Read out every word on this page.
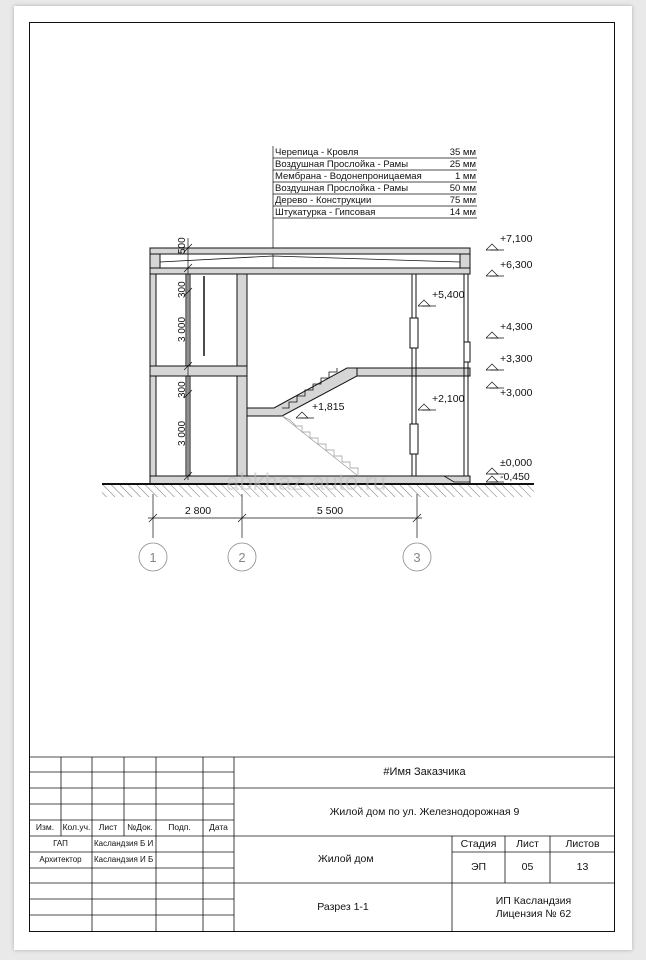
Черепица - Кровля	35 мм
Воздушная Прослойка - Рамы	25 мм
Мембрана - Водонепроницаемая	1 мм
Воздушная Прослойка - Рамы	50 мм
Дерево - Конструкции	75 мм
Штукатурка - Гипсовая	14 мм
500
300
3 000
300
3 000
+7,100
+6,300
+5,400
+4,300
+3,300
+3,000
+2,100
+1,815
±0,000
-0,450
2 800	5 500
1	2	3
abkhaz-auto.ru
#Имя Заказчика
Жилой дом по ул. Железнодорожная 9
Жилой дом
Разрез 1-1
ИП Касландзия
Лицензия № 62
Стадия	Лист	Листов
ЭП	05	13
Изм. Кол.уч. Лист	№Док.	Подп.	Дата
ГАП	Касландзия Б И
Архитектор	Касландзия И Б
